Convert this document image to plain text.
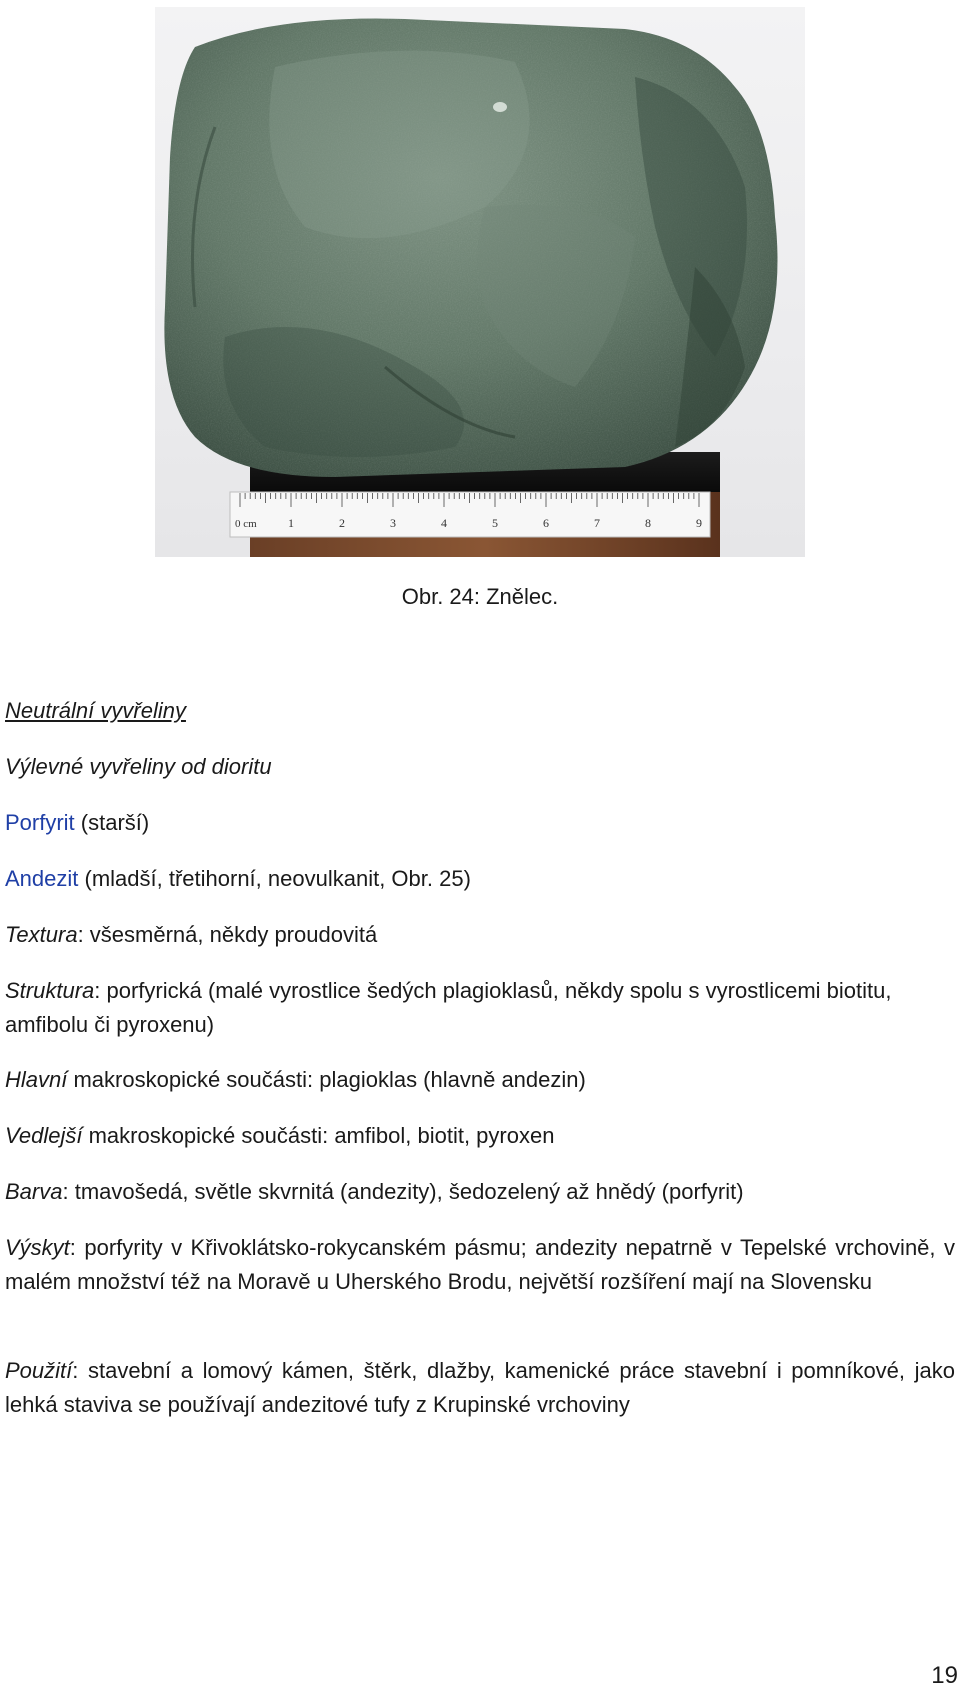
0 cm	1	2	3	4	5	6	7	8	9
Obr. 24: Znělec.

Neutrální vyvřeliny

Výlevné vyvřeliny od dioritu

Porfyrit (starší)

Andezit (mladší, třetihorní, neovulkanit, Obr. 25)

Textura: všesměrná, někdy proudovitá

Struktura: porfyrická (malé vyrostlice šedých plagioklasů, někdy spolu s vyrostlicemi biotitu, amfibolu či pyroxenu)

Hlavní makroskopické součásti: plagioklas (hlavně andezin)

Vedlejší makroskopické součásti: amfibol, biotit, pyroxen

Barva: tmavošedá, světle skvrnitá (andezity), šedozelený až hnědý (porfyrit)

Výskyt: porfyrity v Křivoklátsko-rokycanském pásmu; andezity nepatrně v Tepelské vrchovině, v malém množství též na Moravě u Uherského Brodu, největší rozšíření mají na Slovensku

Použití: stavební a lomový kámen, štěrk, dlažby, kamenické práce stavební i pomníkové, jako lehká staviva se používají andezitové tufy z Krupinské vrchoviny

19
